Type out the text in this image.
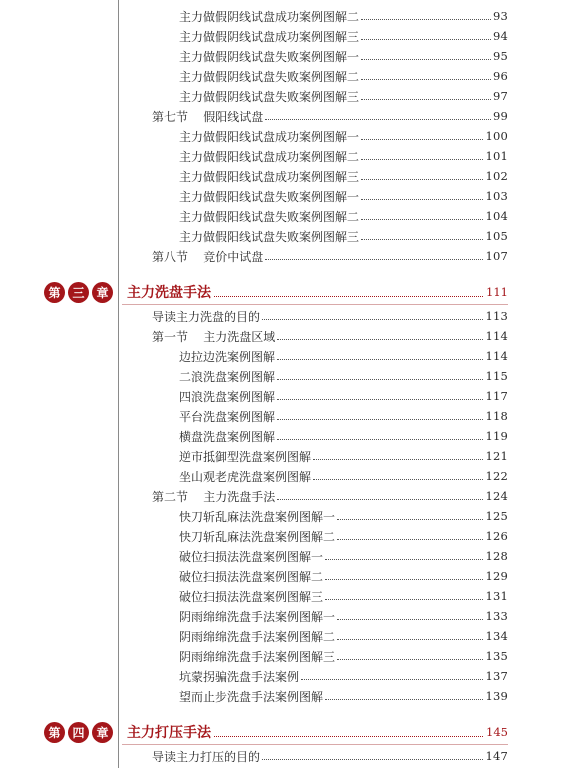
主力做假阴线试盘成功案例图解二	93
主力做假阴线试盘成功案例图解三	94
主力做假阴线试盘失败案例图解一	95
主力做假阴线试盘失败案例图解二	96
主力做假阴线试盘失败案例图解三	97
第七节    假阳线试盘	99
主力做假阳线试盘成功案例图解一	100
主力做假阳线试盘成功案例图解二	101
主力做假阳线试盘成功案例图解三	102
主力做假阳线试盘失败案例图解一	103
主力做假阳线试盘失败案例图解二	104
主力做假阳线试盘失败案例图解三	105
第八节    竞价中试盘	107
第 三 章	主力洗盘手法	111
导读主力洗盘的目的	113
第一节    主力洗盘区域	114
边拉边洗案例图解	114
二浪洗盘案例图解	115
四浪洗盘案例图解	117
平台洗盘案例图解	118
横盘洗盘案例图解	119
逆市抵御型洗盘案例图解	121
坐山观老虎洗盘案例图解	122
第二节    主力洗盘手法	124
快刀斩乱麻法洗盘案例图解一	125
快刀斩乱麻法洗盘案例图解二	126
破位扫损法洗盘案例图解一	128
破位扫损法洗盘案例图解二	129
破位扫损法洗盘案例图解三	131
阴雨绵绵洗盘手法案例图解一	133
阴雨绵绵洗盘手法案例图解二	134
阴雨绵绵洗盘手法案例图解三	135
坑蒙拐骗洗盘手法案例	137
望而止步洗盘手法案例图解	139
第 四 章	主力打压手法	145
导读主力打压的目的	147
